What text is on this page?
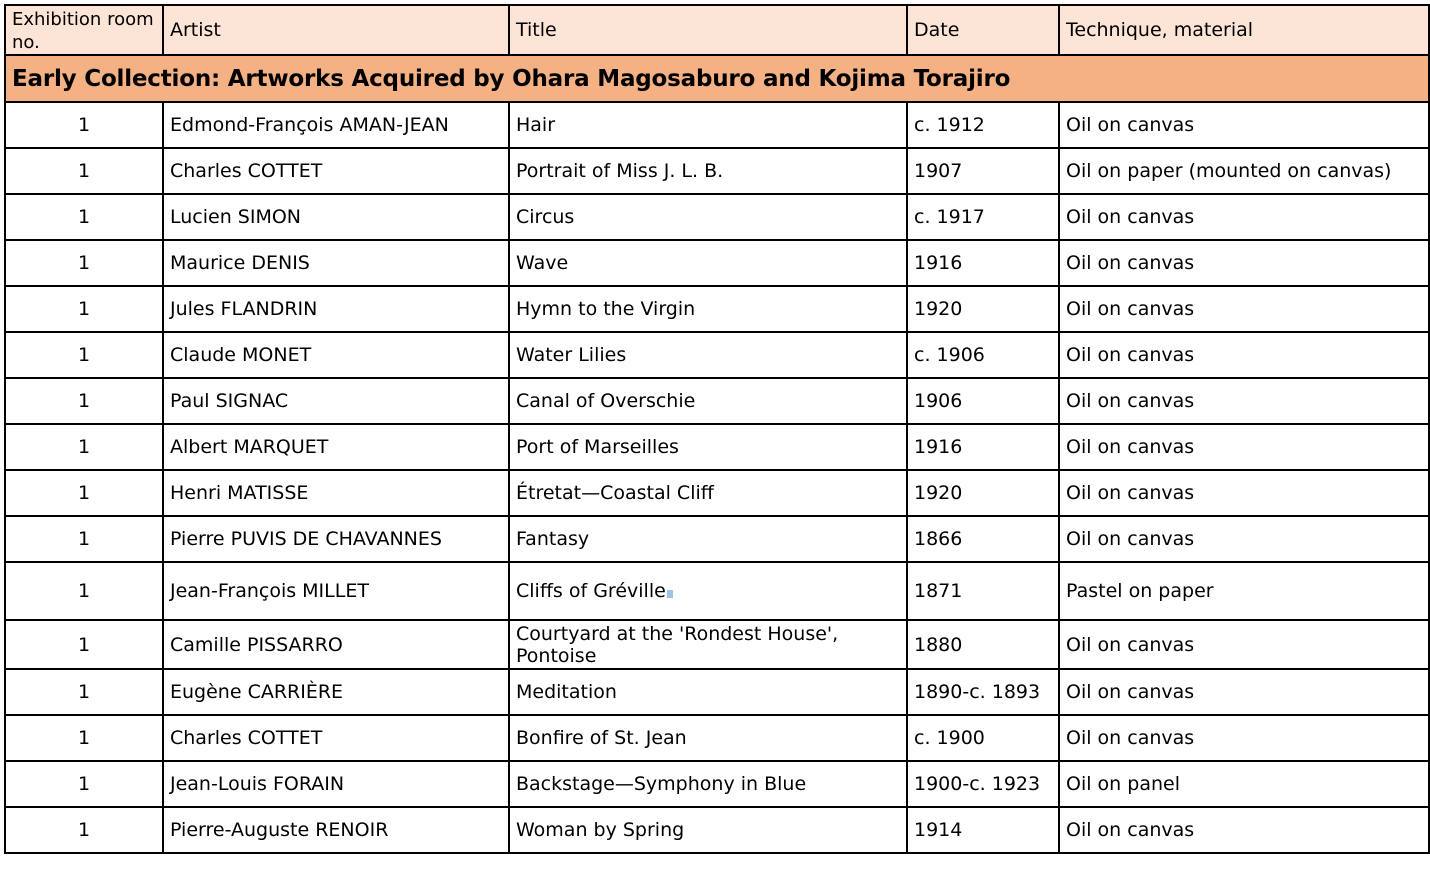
Exhibition room no.	Artist	Title	Date	Technique, material
Early Collection: Artworks Acquired by Ohara Magosaburo and Kojima Torajiro				
1	Edmond-François AMAN-JEAN	Hair	c. 1912	Oil on canvas
1	Charles COTTET	Portrait of Miss J. L. B.	1907	Oil on paper (mounted on canvas)
1	Lucien SIMON	Circus	c. 1917	Oil on canvas
1	Maurice DENIS	Wave	1916	Oil on canvas
1	Jules FLANDRIN	Hymn to the Virgin	1920	Oil on canvas
1	Claude MONET	Water Lilies	c. 1906	Oil on canvas
1	Paul SIGNAC	Canal of Overschie	1906	Oil on canvas
1	Albert MARQUET	Port of Marseilles	1916	Oil on canvas
1	Henri MATISSE	Étretat—Coastal Cliff	1920	Oil on canvas
1	Pierre PUVIS DE CHAVANNES	Fantasy	1866	Oil on canvas
1	Jean-François MILLET	Cliffs of Gréville	1871	Pastel on paper
1	Camille PISSARRO	Courtyard at the 'Rondest House', Pontoise	1880	Oil on canvas
1	Eugène CARRIÈRE	Meditation	1890-c. 1893	Oil on canvas
1	Charles COTTET	Bonfire of St. Jean	c. 1900	Oil on canvas
1	Jean-Louis FORAIN	Backstage—Symphony in Blue	1900-c. 1923	Oil on panel
1	Pierre-Auguste RENOIR	Woman by Spring	1914	Oil on canvas
